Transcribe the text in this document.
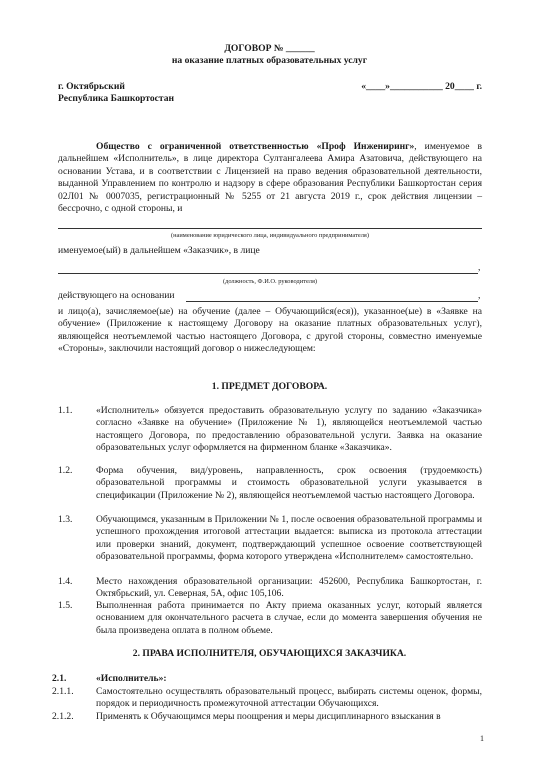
ДОГОВОР № ______
на оказание платных образовательных услуг
г. Октябрьский
Республика Башкортостан
«____»___________ 20____ г.
Общество с ограниченной ответственностью «Проф Инжениринг», именуемое в дальнейшем «Исполнитель», в лице директора Султангалеева Амира Азатовича, действующего на основании Устава, и в соответствии с Лицензией на право ведения образовательной деятельности, выданной Управлением по контролю и надзору в сфере образования Республики Башкортостан серия 02Л01 № 0007035, регистрационный № 5255 от 21 августа 2019 г., срок действия лицензии – бессрочно, с одной стороны, и
(наименование юридического лица, индивидуального предпринимателя)
именуемое(ый) в дальнейшем «Заказчик», в лице
,
(должность, Ф.И.О. руководителя)
действующего на основании	,
и лицо(а), зачисляемое(ые) на обучение (далее – Обучающийся(еся)), указанное(ые) в «Заявке на обучение» (Приложение к настоящему Договору на оказание платных образовательных услуг), являющейся неотъемлемой частью настоящего Договора, с другой стороны, совместно именуемые «Стороны», заключили настоящий договор о нижеследующем:
1. ПРЕДМЕТ ДОГОВОРА.
1.1.	«Исполнитель» обязуется предоставить образовательную услугу по заданию «Заказчика» согласно «Заявке на обучение» (Приложение № 1), являющейся неотъемлемой частью настоящего Договора, по предоставлению образовательной услуги. Заявка на оказание образовательных услуг оформляется на фирменном бланке «Заказчика».
1.2.	Форма обучения, вид/уровень, направленность, срок освоения (трудоемкость) образовательной программы и стоимость образовательной услуги указывается в спецификации (Приложение № 2), являющейся неотъемлемой частью настоящего Договора.
1.3.	Обучающимся, указанным в Приложении № 1, после освоения образовательной программы и успешного прохождения итоговой аттестации выдается: выписка из протокола аттестации или проверки знаний, документ, подтверждающий успешное освоение соответствующей образовательной программы, форма которого утверждена «Исполнителем» самостоятельно.
1.4.	Место нахождения образовательной организации: 452600, Республика Башкортостан, г. Октябрьский, ул. Северная, 5А, офис 105,106.
1.5.	Выполненная работа принимается по Акту приема оказанных услуг, который является основанием для окончательного расчета в случае, если до момента завершения обучения не была произведена оплата в полном объеме.
2. ПРАВА ИСПОЛНИТЕЛЯ, ОБУЧАЮЩИХСЯ ЗАКАЗЧИКА.
2.1.	«Исполнитель»:
2.1.1.	Самостоятельно осуществлять образовательный процесс, выбирать системы оценок, формы, порядок и периодичность промежуточной аттестации Обучающихся.
2.1.2.	Применять к Обучающимся меры поощрения и меры дисциплинарного взыскания в
1
